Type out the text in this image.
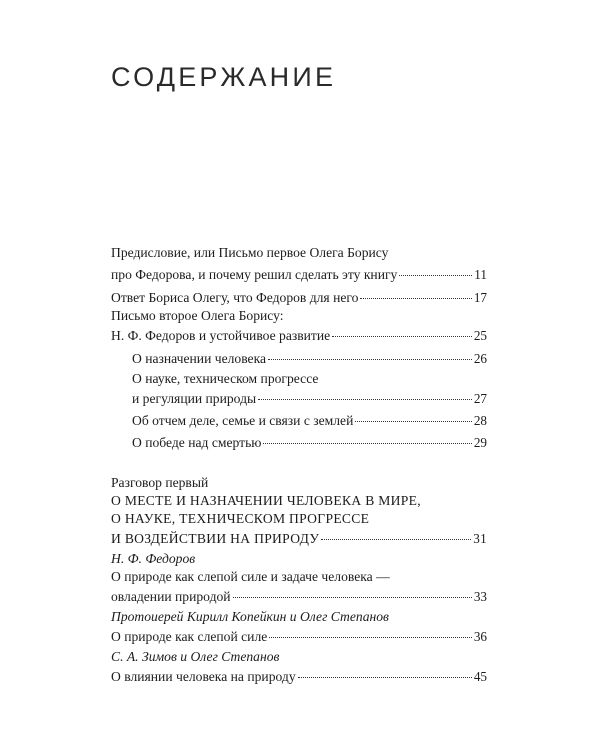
СОДЕРЖАНИЕ
Предисловие, или Письмо первое Олега Борису
про Федорова, и почему решил сделать эту книгу	11
Ответ Бориса Олегу, что Федоров для него	17
Письмо второе Олега Борису:
Н. Ф. Федоров и устойчивое развитие	25
О назначении человека	26
О науке, техническом прогрессе
и регуляции природы	27
Об отчем деле, семье и связи с землей	28
О победе над смертью	29
Разговор первый
О МЕСТЕ И НАЗНАЧЕНИИ ЧЕЛОВЕКА В МИРЕ,
О НАУКЕ, ТЕХНИЧЕСКОМ ПРОГРЕССЕ
И ВОЗДЕЙСТВИИ НА ПРИРОДУ	31
Н. Ф. Федоров
О природе как слепой силе и задаче человека —
овладении природой	33
Протоиерей Кирилл Копейкин и Олег Степанов
О природе как слепой силе	36
С. А. Зимов и Олег Степанов
О влиянии человека на природу	45
